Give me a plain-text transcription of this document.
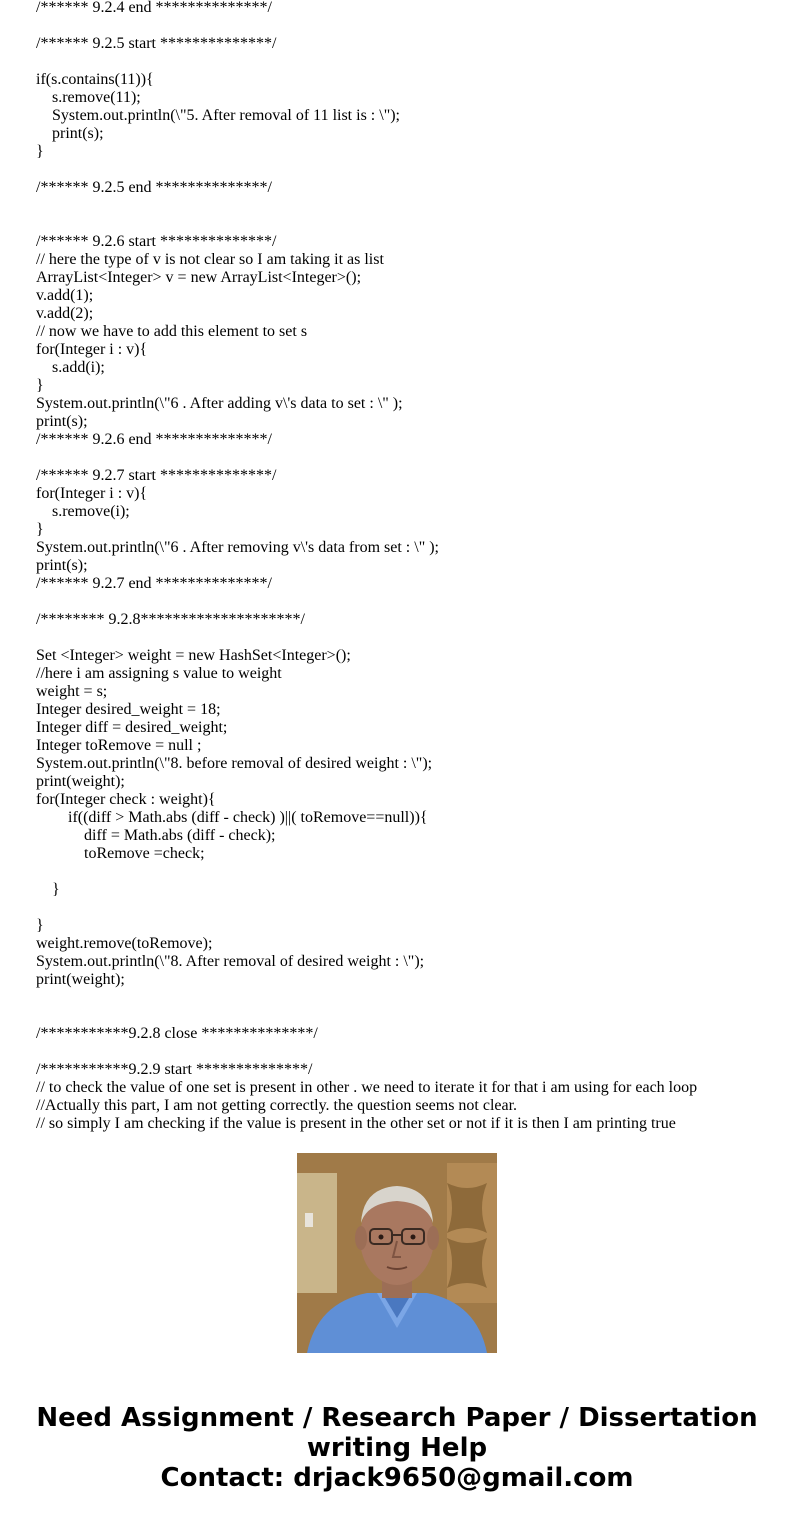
/****** 9.2.4 end **************/
/****** 9.2.5 start **************/
if(s.contains(11)){
s.remove(11);
System.out.println(\"5. After removal of 11 list is : \");
print(s);
}
/****** 9.2.5 end **************/
/****** 9.2.6 start **************/
// here the type of v is not clear so I am taking it as list
ArrayList<Integer> v = new ArrayList<Integer>();
v.add(1);
v.add(2);
// now we have to add this element to set s
for(Integer i : v){
s.add(i);
}
System.out.println(\"6 . After adding v\'s data to set : \" );
print(s);
/****** 9.2.6 end **************/
/****** 9.2.7 start **************/
for(Integer i : v){
s.remove(i);
}
System.out.println(\"6 . After removing v\'s data from set : \" );
print(s);
/****** 9.2.7 end **************/
/******** 9.2.8********************/
Set <Integer> weight = new HashSet<Integer>();
//here i am assigning s value to weight
weight = s;
Integer desired_weight = 18;
Integer diff = desired_weight;
Integer toRemove = null ;
System.out.println(\"8. before removal of desired weight : \");
print(weight);
for(Integer check : weight){
if((diff > Math.abs (diff - check) )||( toRemove==null)){
diff = Math.abs (diff - check);
toRemove =check;
}
}
weight.remove(toRemove);
System.out.println(\"8. After removal of desired weight : \");
print(weight);
/***********9.2.8 close **************/
/***********9.2.9 start **************/
// to check the value of one set is present in other . we need to iterate it for that i am using for each loop
//Actually this part, I am not getting correctly. the question seems not clear.
// so simply I am checking if the value is present in the other set or not if it is then I am printing true
Need Assignment / Research Paper / Dissertation
writing Help
Contact: drjack9650@gmail.com
